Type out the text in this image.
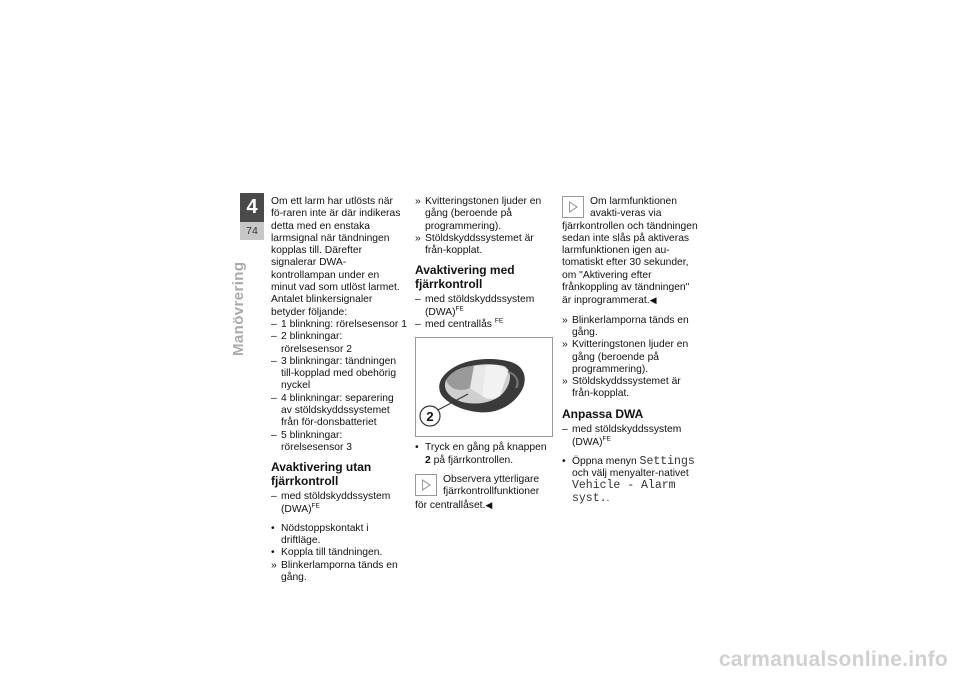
4
74
Manövrering

Om ett larm har utlösts när fö-raren inte är där indikeras detta med en enstaka larmsignal när tändningen kopplas till. Därefter signalerar DWA-kontrollampan under en minut vad som utlöst larmet.

Antalet blinkersignaler betyder följande:

– 1 blinkning: rörelsesensor 1
– 2 blinkningar: rörelsesensor 2
– 3 blinkningar: tändningen till-kopplad med obehörig nyckel
– 4 blinkningar: separering av stöldskyddssystemet från för-donsbatteriet
– 5 blinkningar: rörelsesensor 3
Avaktivering utan fjärrkontroll
– med stöldskyddssystem (DWA)$^{FE}$
• Nödstoppskontakt i driftläge.
• Koppla till tändningen.
» Blinkerlamporna tänds en gång.
» Kvitteringstonen ljuder en gång (beroende på programmering).
» Stöldskyddssystemet är från-kopplat.
Avaktivering med fjärrkontroll
– med stöldskyddssystem (DWA)$^{FE}$
– med centrallås $^{FE}$
2
• Tryck en gång på knappen 2 på fjärrkontrollen.
Observera ytterligare fjärrkontrollfunktioner för centrallåset.◀
Om larmfunktionen avakti-veras via fjärrkontrollen och tändningen sedan inte slås på aktiveras larmfunktionen igen au-tomatiskt efter 30 sekunder, om "Aktivering efter frånkoppling av tändningen" är inprogrammerat.◀
» Blinkerlamporna tänds en gång.
» Kvitteringstonen ljuder en gång (beroende på programmering).
» Stöldskyddssystemet är från-kopplat.
Anpassa DWA
– med stöldskyddssystem (DWA)$^{FE}$
• Öppna menyn Settings och välj menyalter-nativet Vehicle - Alarm syst..
carmanualsonline.info
